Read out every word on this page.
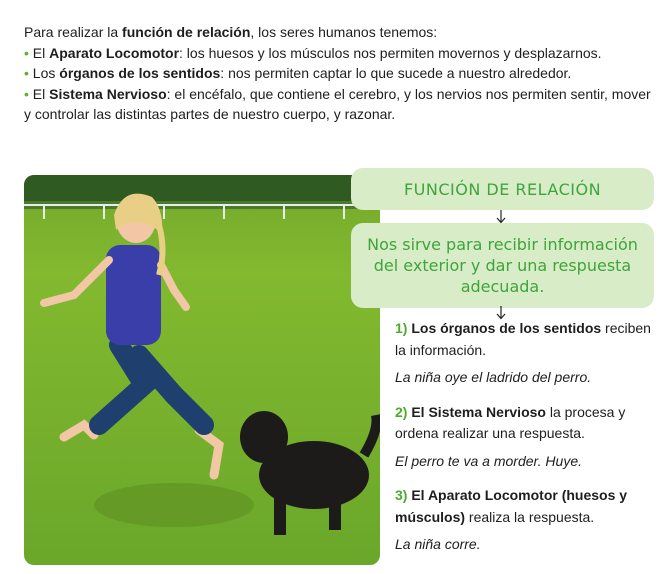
Para realizar la función de relación, los seres humanos tenemos:

• El Aparato Locomotor: los huesos y los músculos nos permiten movernos y desplazarnos.

• Los órganos de los sentidos: nos permiten captar lo que sucede a nuestro alrededor.

• El Sistema Nervioso: el encéfalo, que contiene el cerebro, y los nervios nos permiten sentir, mover y controlar las distintas partes de nuestro cuerpo, y razonar.

FUNCIÓN DE RELACIÓN
Nos sirve para recibir información del exterior y dar una respuesta adecuada.

1) Los órganos de los sentidos reciben la información.
La niña oye el ladrido del perro.

2) El Sistema Nervioso la procesa y ordena realizar una respuesta.
El perro te va a morder. Huye.

3) El Aparato Locomotor (huesos y músculos) realiza la respuesta.
La niña corre.
